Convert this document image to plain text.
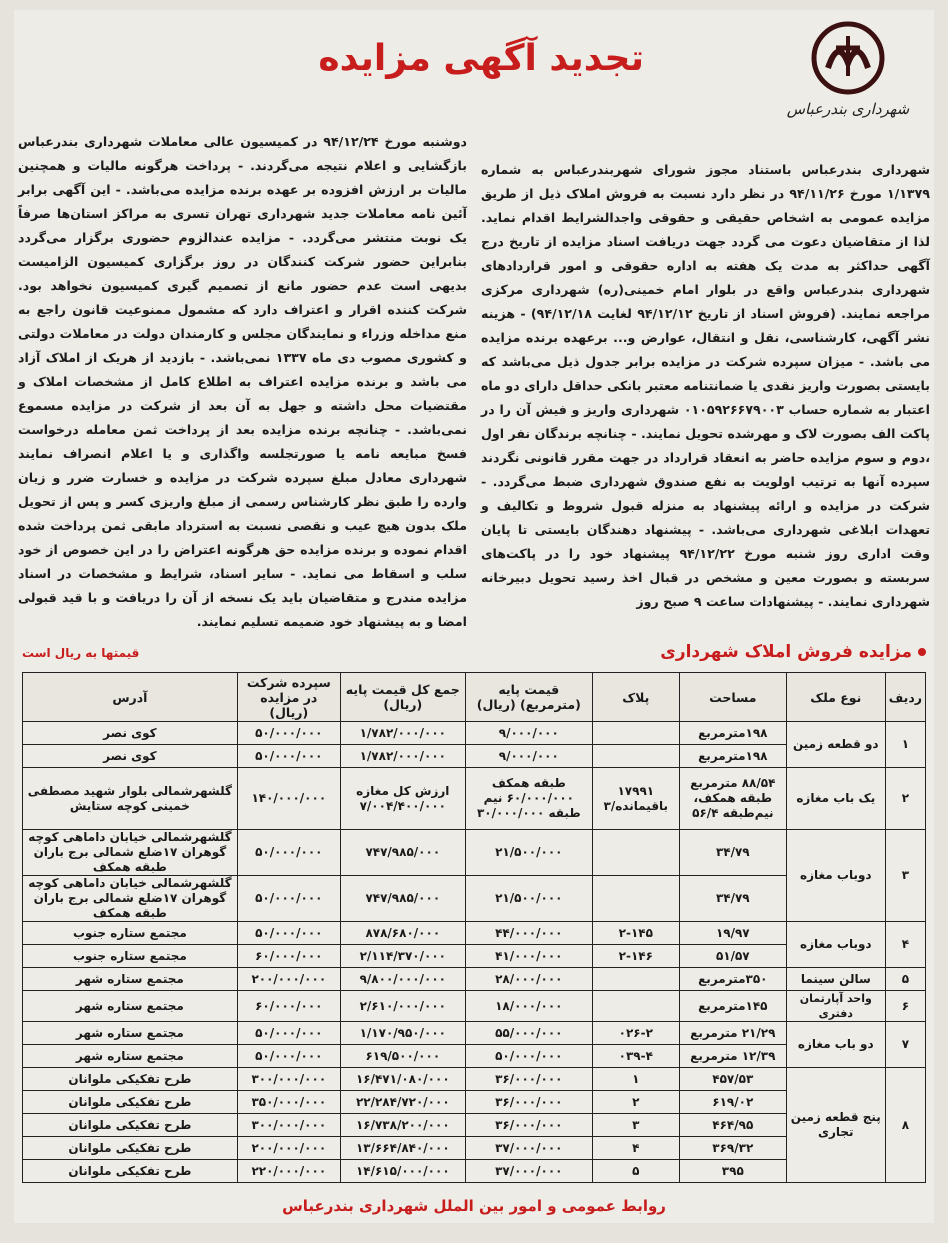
شهرداری بندرعباس
تجدید آگهی مزایده

شهرداری بندرعباس باستناد مجوز شورای شهربندرعباس به شماره ۱/۱۳۷۹ مورخ ۹۴/۱۱/۲۶ در نظر دارد نسبت به فروش املاک ذیل از طریق مزایده عمومی به اشخاص حقیقی و حقوقی واجدالشرایط اقدام نماید. لذا از متقاضیان دعوت می گردد جهت دریافت اسناد مزایده از تاریخ درج آگهی حداکثر به مدت یک هفته به اداره حقوقی و امور قراردادهای شهرداری بندرعباس واقع در بلوار امام خمینی(ره) شهرداری مرکزی مراجعه نمایند. (فروش اسناد از تاریخ ۹۴/۱۲/۱۲ لغایت ۹۴/۱۲/۱۸) - هزینه نشر آگهی، کارشناسی، نقل و انتقال، عوارض و... برعهده برنده مزایده می باشد. - میزان سپرده شرکت در مزایده برابر جدول ذیل می‌باشد که بایستی بصورت واریز نقدی یا ضمانتنامه معتبر بانکی حداقل دارای دو ماه اعتبار به شماره حساب ۰۱۰۵۹۲۶۶۷۹۰۰۳ شهرداری واریز و فیش آن را در پاکت الف بصورت لاک و مهرشده تحویل نمایند. - چنانچه برندگان نفر اول ،دوم و سوم مزایده حاضر به انعقاد قرارداد در جهت مقرر قانونی نگردند سپرده آنها به ترتیب اولویت به نفع صندوق شهرداری ضبط می‌گردد. - شرکت در مزایده و ارائه پیشنهاد به منزله قبول شروط و تکالیف و تعهدات ابلاغی شهرداری می‌باشد. - پیشنهاد دهندگان بایستی تا پایان وقت اداری روز شنبه مورخ ۹۴/۱۲/۲۲ پیشنهاد خود را در پاکت‌های سربسته و بصورت معین و مشخص در قبال اخذ رسید تحویل دبیرخانه شهرداری نمایند. - پیشنهادات ساعت ۹ صبح روز

دوشنبه مورخ ۹۴/۱۲/۲۴ در کمیسیون عالی معاملات شهرداری بندرعباس بازگشایی و اعلام نتیجه می‌گردند. - پرداخت هرگونه مالیات و همچنین مالیات بر ارزش افزوده بر عهده برنده مزایده می‌باشد. - این آگهی برابر آئین نامه معاملات جدید شهرداری تهران تسری به مراکز استان‌ها صرفاً یک نوبت منتشر می‌گردد. - مزایده عندالزوم حضوری برگزار می‌گردد بنابراین حضور شرکت کنندگان در روز برگزاری کمیسیون الزامیست بدیهی است عدم حضور مانع از تصمیم گیری کمیسیون نخواهد بود. شرکت کننده اقرار و اعتراف دارد که مشمول ممنوعیت قانون راجع به منع مداخله وزراء و نمایندگان مجلس و کارمندان دولت در معاملات دولتی و کشوری مصوب دی ماه ۱۳۳۷ نمی‌باشد. - بازدید از هریک از املاک آزاد می باشد و برنده مزایده اعتراف به اطلاع کامل از مشخصات املاک و مقتضیات محل داشته و جهل به آن بعد از شرکت در مزایده مسموع نمی‌باشد. - چنانچه برنده مزایده بعد از پرداخت ثمن معامله درخواست فسخ مبایعه نامه یا صورتجلسه واگذاری و یا اعلام انصراف نمایند شهرداری معادل مبلغ سپرده شرکت در مزایده و خسارت ضرر و زیان وارده را طبق نظر کارشناس رسمی از مبلغ واریزی کسر و پس از تحویل ملک بدون هیچ عیب و نقصی نسبت به استرداد مابقی ثمن پرداخت شده اقدام نموده و برنده مزایده حق هرگونه اعتراض را در این خصوص از خود سلب و اسقاط می نماید. - سایر اسناد، شرایط و مشخصات در اسناد مزایده مندرج و متقاضیان باید یک نسخه از آن را دریافت و با قید قبولی امضا و به پیشنهاد خود ضمیمه تسلیم نمایند.

مزایده فروش املاک شهرداری
قیمتها به ریال است
ردیف	نوع ملک	مساحت	پلاک	قیمت پایه (مترمربع) (ریال)	جمع کل قیمت پایه (ریال)	سپرده شرکت در مزایده (ریال)	آدرس
۱	دو قطعه زمین	۱۹۸مترمربع		۹/۰۰۰/۰۰۰	۱/۷۸۲/۰۰۰/۰۰۰	۵۰/۰۰۰/۰۰۰	کوی نصر
		۱۹۸مترمربع		۹/۰۰۰/۰۰۰	۱/۷۸۲/۰۰۰/۰۰۰	۵۰/۰۰۰/۰۰۰	کوی نصر
۲	یک باب مغازه	۸۸/۵۴ مترمربع طبقه همکف، نیم‌طبقه ۵۶/۴	۱۷۹۹۱ باقیمانده/۳	طبقه همکف ۶۰/۰۰۰/۰۰۰ نیم طبقه ۳۰/۰۰۰/۰۰۰	ارزش کل مغازه ۷/۰۰۴/۴۰۰/۰۰۰	۱۴۰/۰۰۰/۰۰۰	گلشهرشمالی بلوار شهید مصطفی خمینی کوچه ستایش
۳	دوباب مغازه	۳۴/۷۹		۲۱/۵۰۰/۰۰۰	۷۴۷/۹۸۵/۰۰۰	۵۰/۰۰۰/۰۰۰	گلشهرشمالی خیابان داماهی کوچه گوهران ۱۷ضلع شمالی برج باران طبقه همکف
		۳۴/۷۹		۲۱/۵۰۰/۰۰۰	۷۴۷/۹۸۵/۰۰۰	۵۰/۰۰۰/۰۰۰	گلشهرشمالی خیابان داماهی کوچه گوهران ۱۷ضلع شمالی برج باران طبقه همکف
۴	دوباب مغازه	۱۹/۹۷	۲-۱۴۵	۴۴/۰۰۰/۰۰۰	۸۷۸/۶۸۰/۰۰۰	۵۰/۰۰۰/۰۰۰	مجتمع ستاره جنوب
		۵۱/۵۷	۲-۱۴۶	۴۱/۰۰۰/۰۰۰	۲/۱۱۴/۳۷۰/۰۰۰	۶۰/۰۰۰/۰۰۰	مجتمع ستاره جنوب
۵	سالن سینما	۳۵۰مترمربع		۲۸/۰۰۰/۰۰۰	۹/۸۰۰/۰۰۰/۰۰۰	۲۰۰/۰۰۰/۰۰۰	مجتمع ستاره شهر
۶	واحد آپارتمان دفتری	۱۴۵مترمربع		۱۸/۰۰۰/۰۰۰	۲/۶۱۰/۰۰۰/۰۰۰	۶۰/۰۰۰/۰۰۰	مجتمع ستاره شهر
۷	دو باب مغازه	۲۱/۲۹ مترمربع	۰۲۶-۲	۵۵/۰۰۰/۰۰۰	۱/۱۷۰/۹۵۰/۰۰۰	۵۰/۰۰۰/۰۰۰	مجتمع ستاره شهر
		۱۲/۳۹ مترمربع	۰۳۹-۴	۵۰/۰۰۰/۰۰۰	۶۱۹/۵۰۰/۰۰۰	۵۰/۰۰۰/۰۰۰	مجتمع ستاره شهر
۸	پنج قطعه زمین تجاری	۴۵۷/۵۳	۱	۳۶/۰۰۰/۰۰۰	۱۶/۴۷۱/۰۸۰/۰۰۰	۳۰۰/۰۰۰/۰۰۰	طرح تفکیکی ملوانان
		۶۱۹/۰۲	۲	۳۶/۰۰۰/۰۰۰	۲۲/۲۸۴/۷۲۰/۰۰۰	۳۵۰/۰۰۰/۰۰۰	طرح تفکیکی ملوانان
		۴۶۴/۹۵	۳	۳۶/۰۰۰/۰۰۰	۱۶/۷۳۸/۲۰۰/۰۰۰	۳۰۰/۰۰۰/۰۰۰	طرح تفکیکی ملوانان
		۳۶۹/۳۲	۴	۳۷/۰۰۰/۰۰۰	۱۳/۶۶۴/۸۴۰/۰۰۰	۲۰۰/۰۰۰/۰۰۰	طرح تفکیکی ملوانان
		۳۹۵	۵	۳۷/۰۰۰/۰۰۰	۱۴/۶۱۵/۰۰۰/۰۰۰	۲۲۰/۰۰۰/۰۰۰	طرح تفکیکی ملوانان
روابط عمومی و امور بین الملل شهرداری بندرعباس
